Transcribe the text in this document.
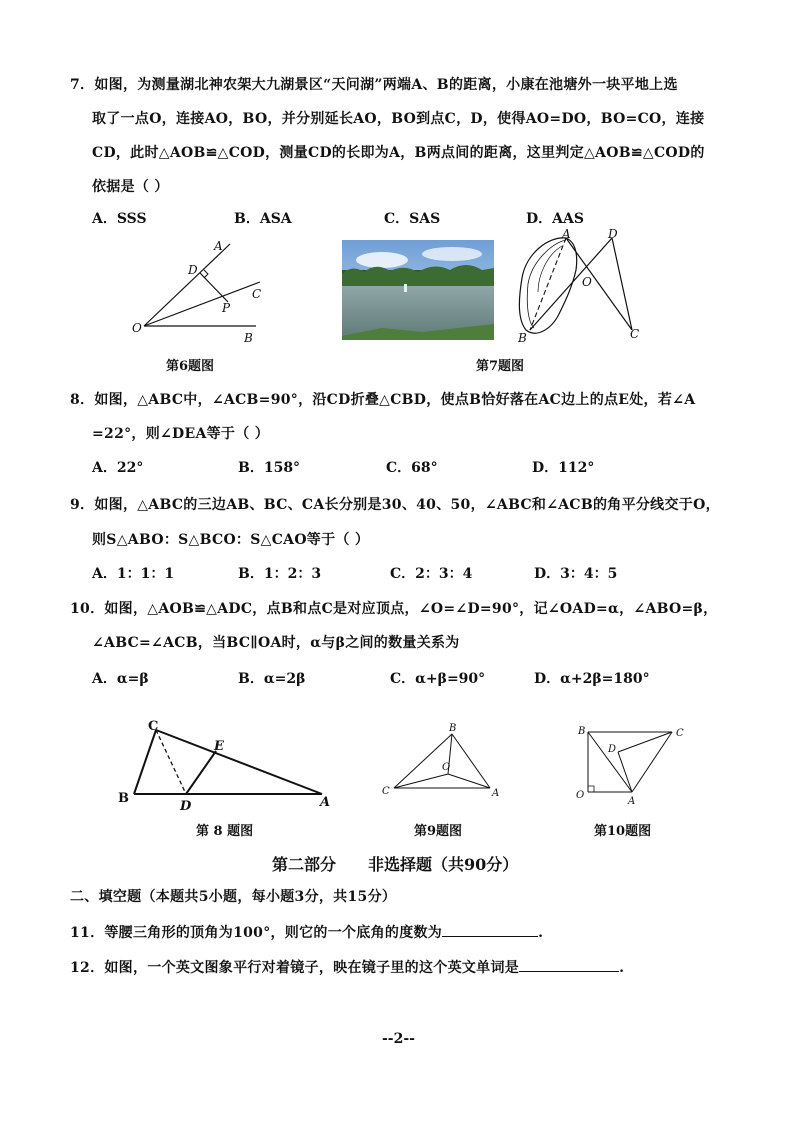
7．如图，为测量湖北神农架大九湖景区“天问湖”两端A、B的距离，小康在池塘外一块平地上选
取了一点O，连接AO，BO，并分别延长AO，BO到点C，D，使得AO=DO，BO=CO，连接
CD，此时△AOB≌△COD，测量CD的长即为A，B两点间的距离，这里判定△AOB≌△COD的
依据是（ ）
A．SSS	B．ASA	C．SAS	D．AAS
A
D
P
C
O
B
第6题图
A	D
O
B	C
第7题图
8．如图，△ABC中，∠ACB=90°，沿CD折叠△CBD，使点B恰好落在AC边上的点E处，若∠A
=22°，则∠DEA等于（ ）
A．22°	B．158°	C．68°	D．112°
9．如图，△ABC的三边AB、BC、CA长分别是30、40、50，∠ABC和∠ACB的角平分线交于O，
则S△ABO：S△BCO：S△CAO等于（ ）
A．1：1：1	B．1：2：3	C．2：3：4	D．3：4：5
10．如图，△AOB≌△ADC，点B和点C是对应顶点，∠O=∠D=90°，记∠OAD=α，∠ABO=β，
∠ABC=∠ACB，当BC∥OA时，α与β之间的数量关系为
A．α=β	B．α=2β	C．α+β=90°	D．α+2β=180°
C
E
B
D	A
第 8 题图
B
O
C	A
第9题图
B	C
D
O
A
第10题图
第二部分　　非选择题（共90分）
二、填空题（本题共5小题，每小题3分，共15分）
11．等腰三角形的顶角为100°，则它的一个底角的度数为	.
12．如图，一个英文图象平行对着镜子，映在镜子里的这个英文单词是	.
--2--
